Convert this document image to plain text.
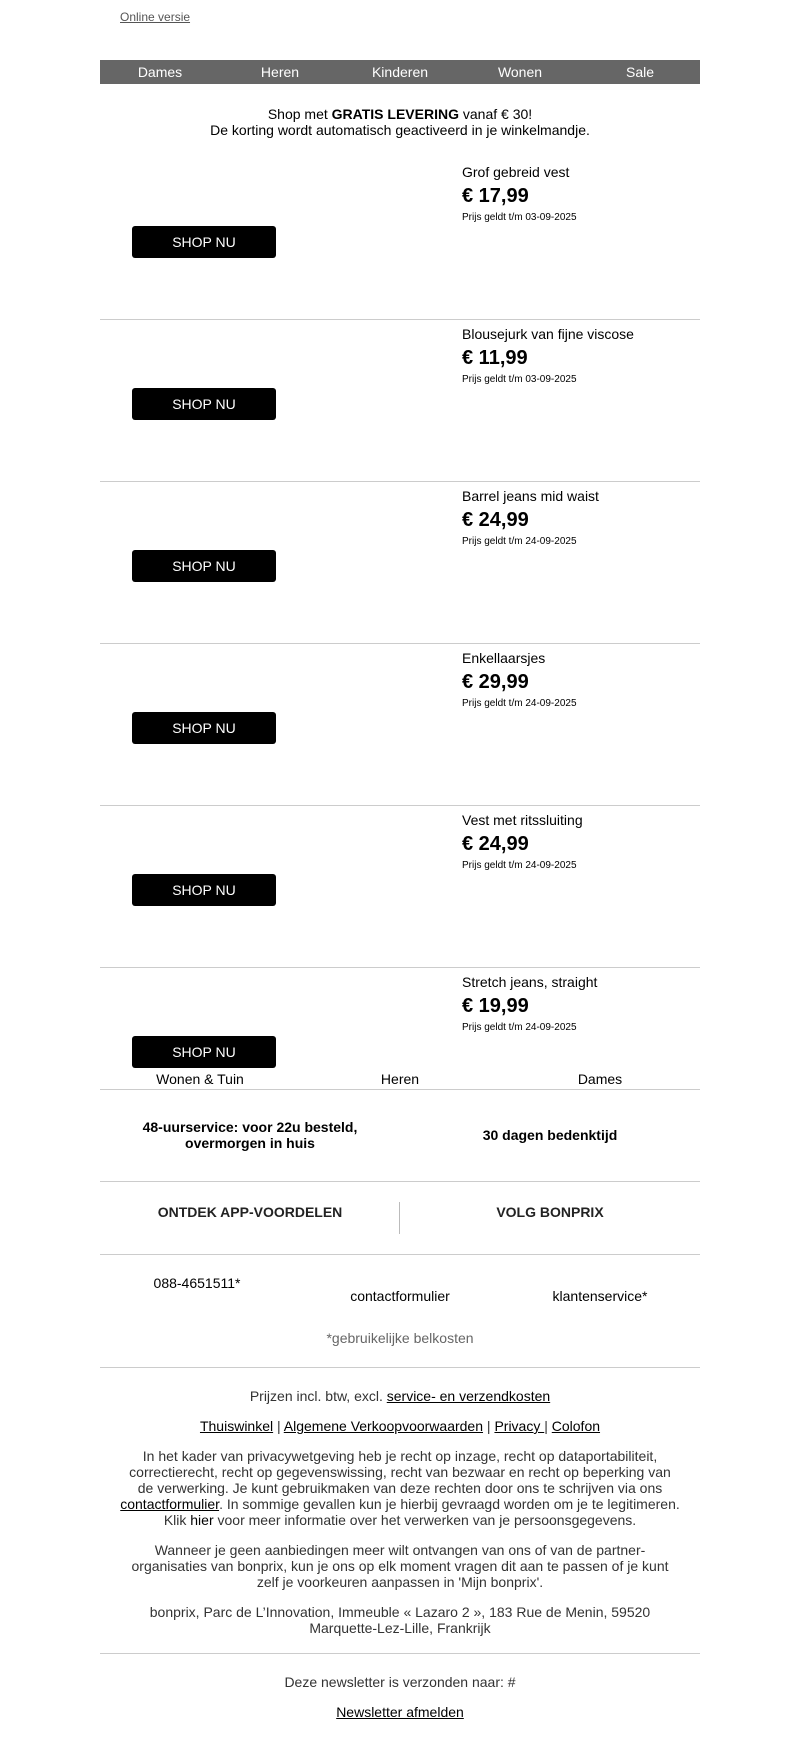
Online versie
Dames	Heren	Kinderen	Wonen	Sale
Shop met GRATIS LEVERING vanaf € 30!
De korting wordt automatisch geactiveerd in je winkelmandje.
SHOP NU
Grof gebreid vest
€ 17,99
Prijs geldt t/m 03-09-2025
SHOP NU
Blousejurk van fijne viscose
€ 11,99
Prijs geldt t/m 03-09-2025
SHOP NU
Barrel jeans mid waist
€ 24,99
Prijs geldt t/m 24-09-2025
SHOP NU
Enkellaarsjes
€ 29,99
Prijs geldt t/m 24-09-2025
SHOP NU
Vest met ritssluiting
€ 24,99
Prijs geldt t/m 24-09-2025
SHOP NU
Stretch jeans, straight
€ 19,99
Prijs geldt t/m 24-09-2025
Wonen & Tuin	Heren	Dames
48-uurservice: voor 22u besteld, overmorgen in huis	30 dagen bedenktijd
ONTDEK APP-VOORDELEN	VOLG BONPRIX
088-4651511*
contactformulier	klantenservice*
*gebruikelijke belkosten

Prijzen incl. btw, excl. service- en verzendkosten

Thuiswinkel | Algemene Verkoopvoorwaarden | Privacy | Colofon

In het kader van privacywetgeving heb je recht op inzage, recht op dataportabiliteit, correctierecht, recht op gegevenswissing, recht van bezwaar en recht op beperking van de verwerking. Je kunt gebruikmaken van deze rechten door ons te schrijven via ons contactformulier. In sommige gevallen kun je hierbij gevraagd worden om je te legitimeren. Klik hier voor meer informatie over het verwerken van je persoonsgegevens.

Wanneer je geen aanbiedingen meer wilt ontvangen van ons of van de partner-organisaties van bonprix, kun je ons op elk moment vragen dit aan te passen of je kunt zelf je voorkeuren aanpassen in 'Mijn bonprix'.

bonprix, Parc de L’Innovation, Immeuble « Lazaro 2 », 183 Rue de Menin, 59520 Marquette-Lez-Lille, Frankrijk

Deze newsletter is verzonden naar: #
Newsletter afmelden
